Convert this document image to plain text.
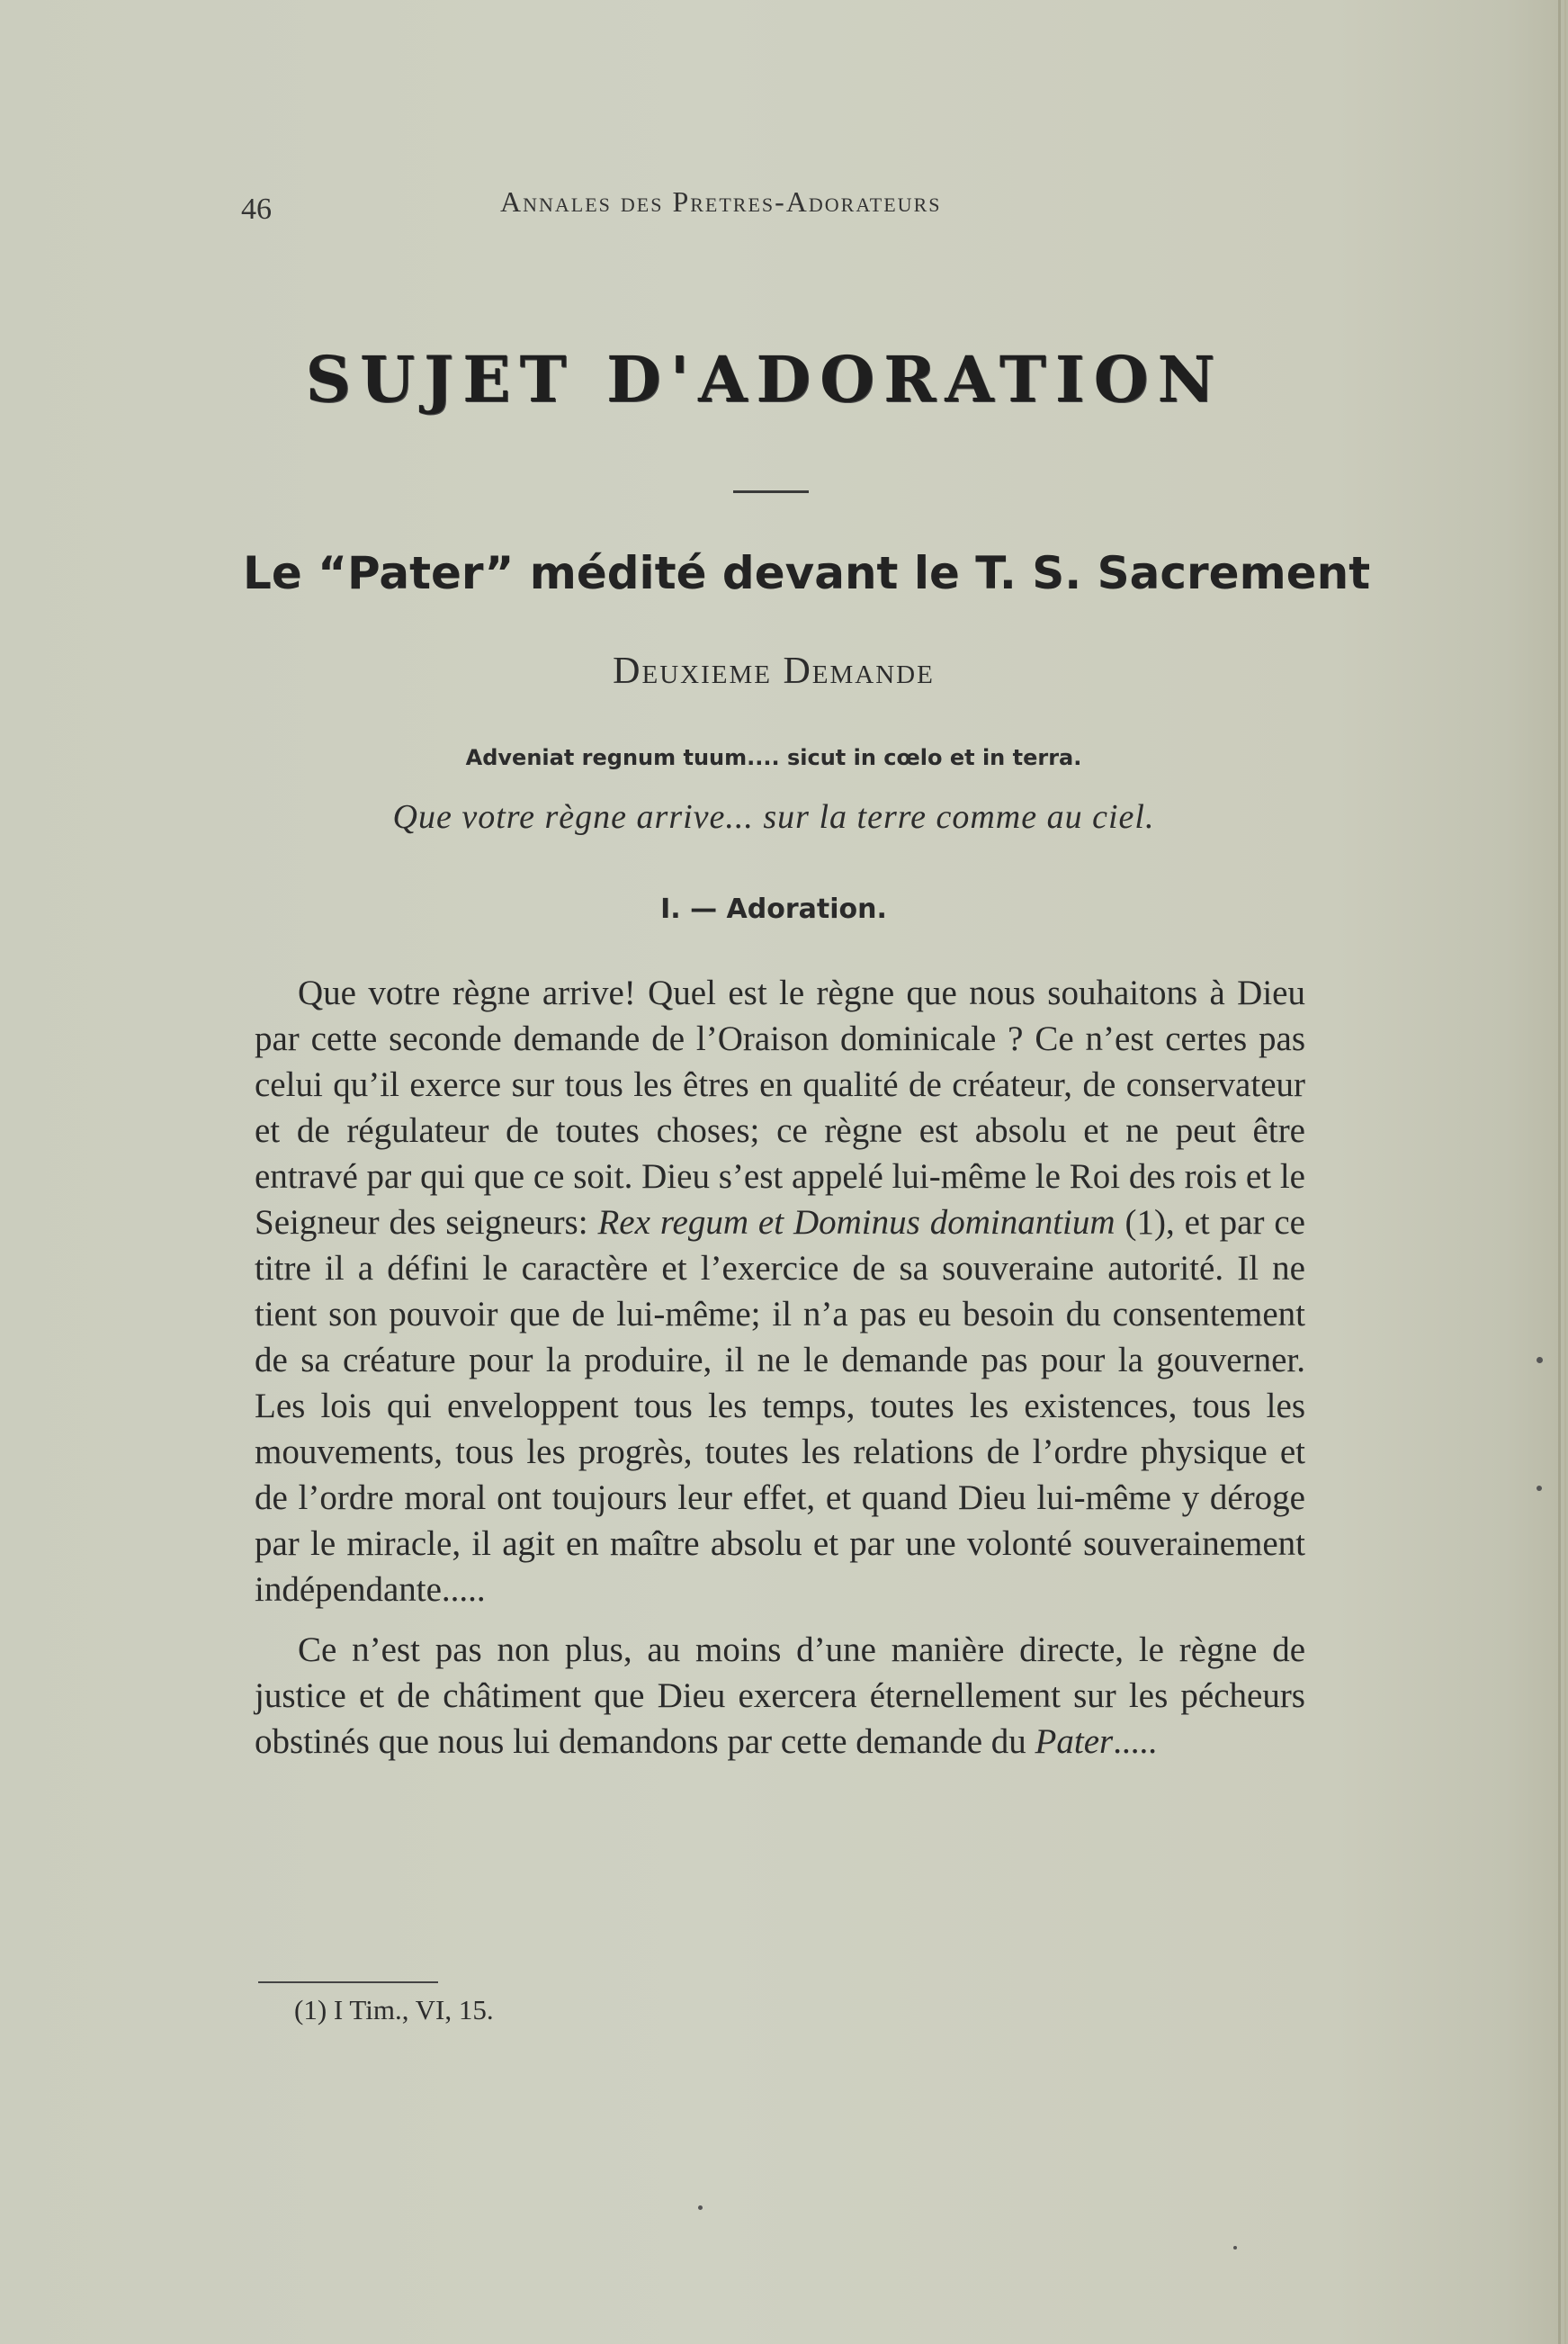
46	Annales des Pretres-Adorateurs
SUJET D'ADORATION
Le “Pater” médité devant le T. S. Sacrement
Deuxieme Demande
Adveniat regnum tuum.... sicut in cœlo et in terra.
Que votre règne arrive... sur la terre comme au ciel.
I. — Adoration.

Que votre règne arrive! Quel est le règne que nous souhaitons à Dieu par cette seconde demande de l’Oraison dominicale ? Ce n’est certes pas celui qu’il exerce sur tous les êtres en qualité de créateur, de conservateur et de régulateur de toutes choses; ce règne est absolu et ne peut être entravé par qui que ce soit. Dieu s’est appelé lui-même le Roi des rois et le Seigneur des seigneurs: Rex regum et Dominus dominantium (1), et par ce titre il a défini le caractère et l’exercice de sa souveraine autorité. Il ne tient son pouvoir que de lui-même; il n’a pas eu besoin du consentement de sa créature pour la produire, il ne le demande pas pour la gouverner. Les lois qui enveloppent tous les temps, toutes les existences, tous les mouvements, tous les progrès, toutes les relations de l’ordre physique et de l’ordre moral ont toujours leur effet, et quand Dieu lui-même y déroge par le miracle, il agit en maître absolu et par une volonté souverainement indépendante.....

Ce n’est pas non plus, au moins d’une manière directe, le règne de justice et de châtiment que Dieu exercera éternellement sur les pécheurs obstinés que nous lui demandons par cette demande du Pater.....

(1) I Tim., VI, 15.
